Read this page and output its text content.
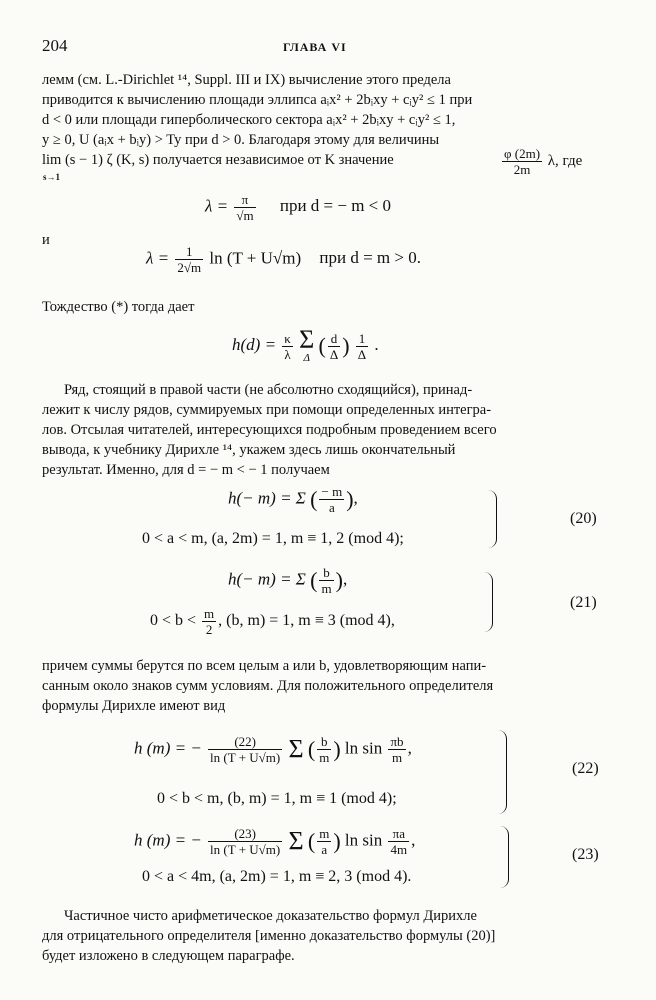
204	ГЛАВА VI
лемм (см. L.-Dirichlet ¹⁴, Suppl. III и IX) вычисление этого предела
приводится к вычислению площади эллипса aᵢx² + 2bᵢxy + cᵢy² ≤ 1 при
d < 0 или площади гиперболического сектора aᵢx² + 2bᵢxy + cᵢy² ≤ 1,
y ≥ 0, U (aᵢx + bᵢy) > Ty при d > 0. Благодаря этому для величины
lim (s − 1) ζ (K, s) получается независимое от K значение
s→1	$\frac{\varphi (2m)}{2m} \lambda$, где
$\lambda = \frac{\pi}{√m}$ при d = − m < 0
и
$\lambda = \frac{1}{2√m}$ ln (T + U√m) при d = m > 0.
Тождество (*) тогда дает
$h(d) = \frac{\kappa}{\lambda}$
Σ
Δ ( $\frac{d}{\Delta}$ ) $\frac{1}{\Delta}$ .
Ряд, стоящий в правой части (не абсолютно сходящийся), принад-
лежит к числу рядов, суммируемых при помощи определенных интегра-
лов. Отсылая читателей, интересующихся подробным проведением всего
вывода, к учебнику Дирихле ¹⁴, укажем здесь лишь окончательный
результат. Именно, для d = − m < − 1 получаем
h(− m) = Σ ( $\frac{- m}{a}$ ),
0 < a < m, (a, 2m) = 1, m ≡ 1, 2 (mod 4);
(20)
h(− m) = Σ ( $\frac{b}{m}$ ),
$0 < b < \frac{m}{2}$ , (b, m) = 1, m ≡ 3 (mod 4),
(21)
причем суммы берутся по всем целым a или b, удовлетворяющим напи-
санным около знаков сумм условиям. Для положительного определителя
формулы Дирихле имеют вид
h (m) = − $\frac{(22)}{\ln (T + U√m)}$ Σ ( $\frac{b}{m}$ ) $\ln \sin \frac{\pi b}{m}$ ,
0 < b < m, (b, m) = 1, m ≡ 1 (mod 4);
(22)
h (m) = − $\frac{(23)}{\ln (T + U√m)}$ Σ ( $\frac{m}{a}$ ) $\ln \sin \frac{\pi a}{4m}$ ,
0 < a < 4m, (a, 2m) = 1, m ≡ 2, 3 (mod 4).
(23)
Частичное чисто арифметическое доказательство формул Дирихле
для отрицательного определителя [именно доказательство формулы (20)]
будет изложено в следующем параграфе.
